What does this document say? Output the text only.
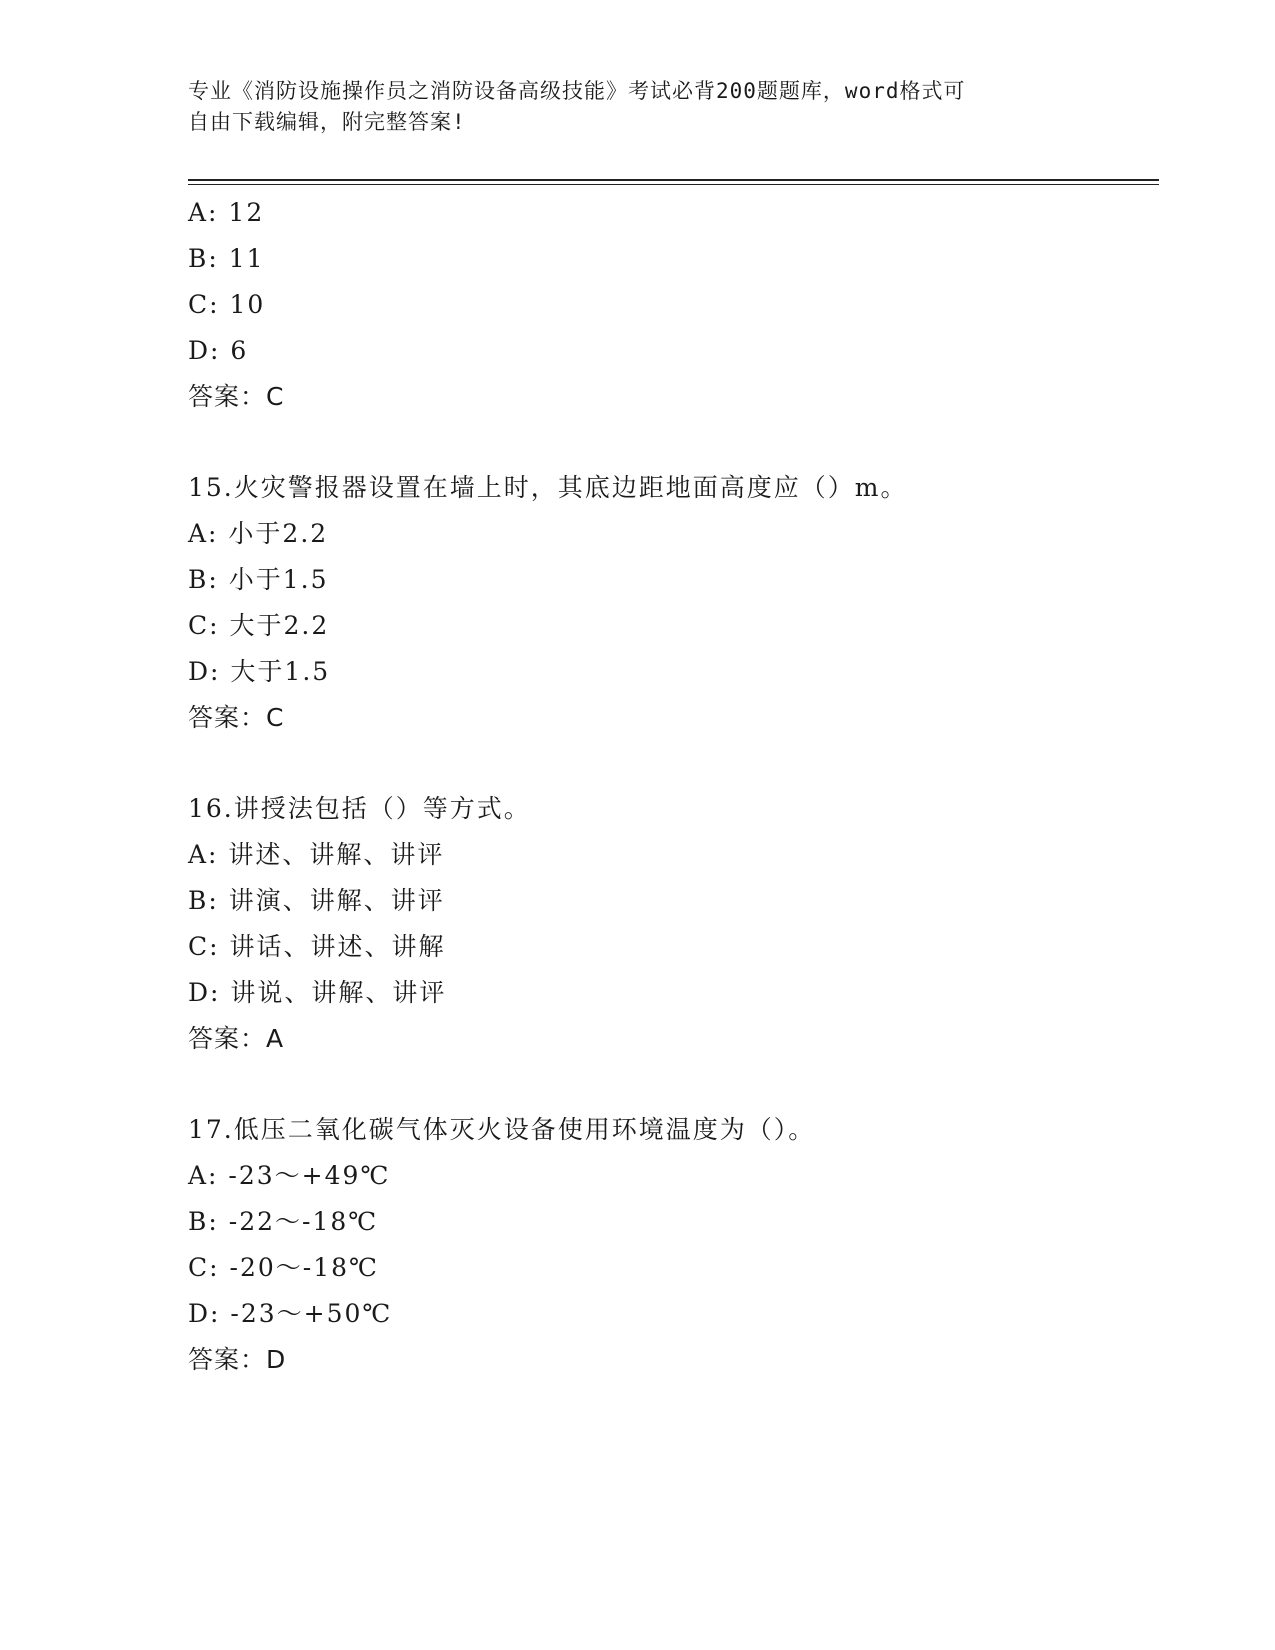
专业《消防设施操作员之消防设备高级技能》考试必背200题题库，word格式可
自由下载编辑，附完整答案!
A: 12
B: 11
C: 10
D: 6
答案：C
15.火灾警报器设置在墙上时，其底边距地面高度应（）m。
A: 小于2.2
B: 小于1.5
C: 大于2.2
D: 大于1.5
答案：C
16.讲授法包括（）等方式。
A: 讲述、讲解、讲评
B: 讲演、讲解、讲评
C: 讲话、讲述、讲解
D: 讲说、讲解、讲评
答案：A
17.低压二氧化碳气体灭火设备使用环境温度为（）。
A: -23～+49℃
B: -22～-18℃
C: -20～-18℃
D: -23～+50℃
答案：D
